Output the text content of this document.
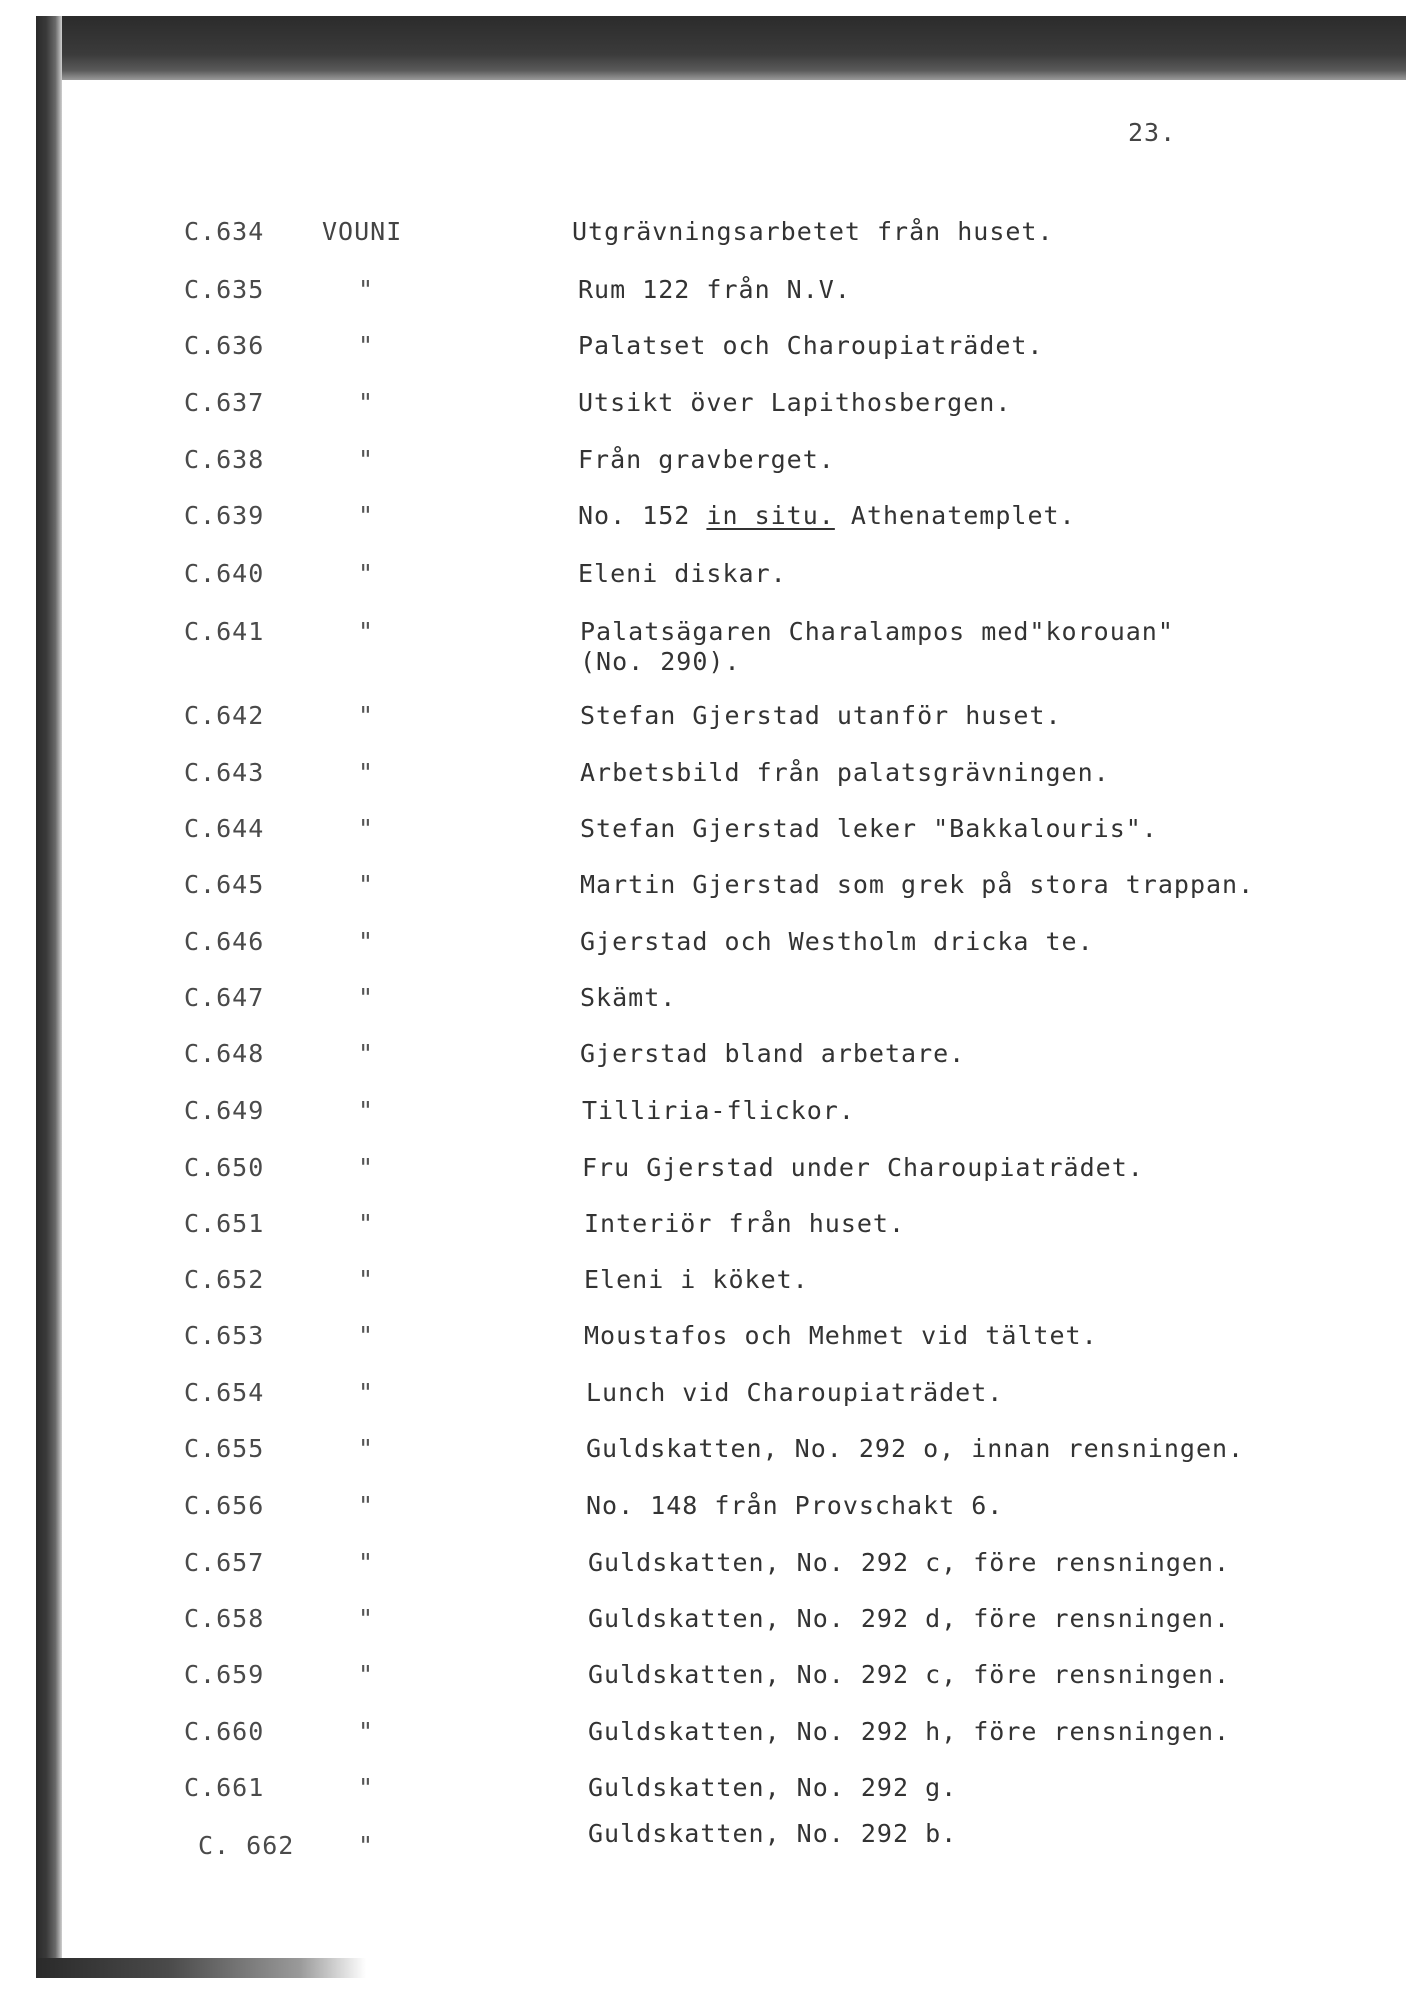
23.
C.634 VOUNI	Utgrävningsarbetet från huset.
C.635	"	Rum 122 från N.V.
C.636	"	Palatset och Charoupiaträdet.
C.637	"	Utsikt över Lapithosbergen.
C.638	"	Från gravberget.
C.639	"	No. 152 in situ. Athenatemplet.
C.640	"	Eleni diskar.
C.641	"	Palatsägaren Charalampos med"korouan"
(No. 290).
C.642	"	Stefan Gjerstad utanför huset.
C.643	"	Arbetsbild från palatsgrävningen.
C.644	"	Stefan Gjerstad leker "Bakkalouris".
C.645	"	Martin Gjerstad som grek på stora trappan.
C.646	"	Gjerstad och Westholm dricka te.
C.647	"	Skämt.
C.648	"	Gjerstad bland arbetare.
C.649	"	Tilliria-flickor.
C.650	"	Fru Gjerstad under Charoupiaträdet.
C.651	"	Interiör från huset.
C.652	"	Eleni i köket.
C.653	"	Moustafos och Mehmet vid tältet.
C.654	"	Lunch vid Charoupiaträdet.
C.655	"	Guldskatten, No. 292 o, innan rensningen.
C.656	"	No. 148 från Provschakt 6.
C.657	"	Guldskatten, No. 292 c, före rensningen.
C.658	"	Guldskatten, No. 292 d, före rensningen.
C.659	"	Guldskatten, No. 292 c, före rensningen.
C.660	"	Guldskatten, No. 292 h, före rensningen.
C.661	"	Guldskatten, No. 292 g.
C. 662	"	Guldskatten, No. 292 b.
